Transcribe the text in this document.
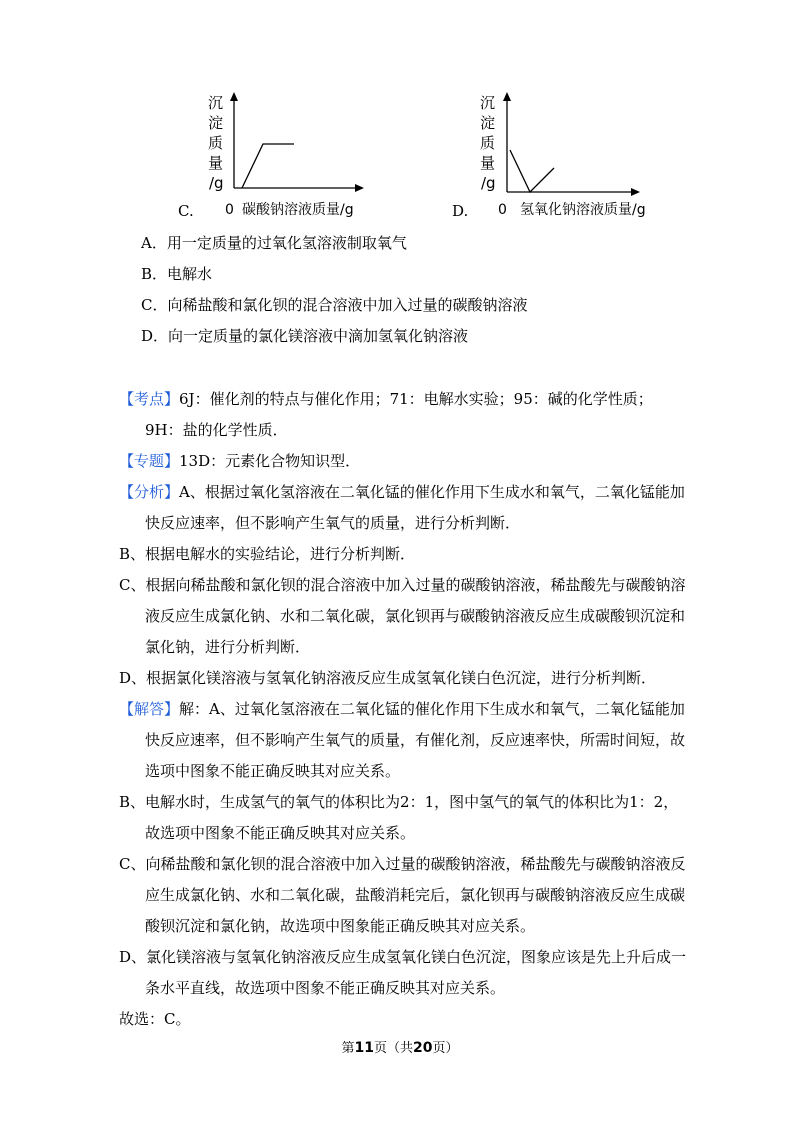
沉
淀
质
量
/g
0 碳酸钠溶液质量/g
C.
沉
淀
质
量
/g
0 氢氧化钠溶液质量/g
D.
A．用一定质量的过氧化氢溶液制取氧气
B．电解水
C．向稀盐酸和氯化钡的混合溶液中加入过量的碳酸钠溶液
D．向一定质量的氯化镁溶液中滴加氢氧化钠溶液

【考点】6J：催化剂的特点与催化作用；71：电解水实验；95：碱的化学性质；9H：盐的化学性质．

【专题】13D：元素化合物知识型．

【分析】A、根据过氧化氢溶液在二氧化锰的催化作用下生成水和氧气，二氧化锰能加快反应速率，但不影响产生氧气的质量，进行分析判断．

B、根据电解水的实验结论，进行分析判断．

C、根据向稀盐酸和氯化钡的混合溶液中加入过量的碳酸钠溶液，稀盐酸先与碳酸钠溶液反应生成氯化钠、水和二氧化碳，氯化钡再与碳酸钠溶液反应生成碳酸钡沉淀和氯化钠，进行分析判断．

D、根据氯化镁溶液与氢氧化钠溶液反应生成氢氧化镁白色沉淀，进行分析判断．

【解答】解：A、过氧化氢溶液在二氧化锰的催化作用下生成水和氧气，二氧化锰能加快反应速率，但不影响产生氧气的质量，有催化剂，反应速率快，所需时间短，故选项中图象不能正确反映其对应关系。

B、电解水时，生成氢气的氧气的体积比为2：1，图中氢气的氧气的体积比为1：2，故选项中图象不能正确反映其对应关系。

C、向稀盐酸和氯化钡的混合溶液中加入过量的碳酸钠溶液，稀盐酸先与碳酸钠溶液反应生成氯化钠、水和二氧化碳，盐酸消耗完后，氯化钡再与碳酸钠溶液反应生成碳酸钡沉淀和氯化钠，故选项中图象能正确反映其对应关系。

D、氯化镁溶液与氢氧化钠溶液反应生成氢氧化镁白色沉淀，图象应该是先上升后成一条水平直线，故选项中图象不能正确反映其对应关系。

故选：C。

第11页（共20页）
